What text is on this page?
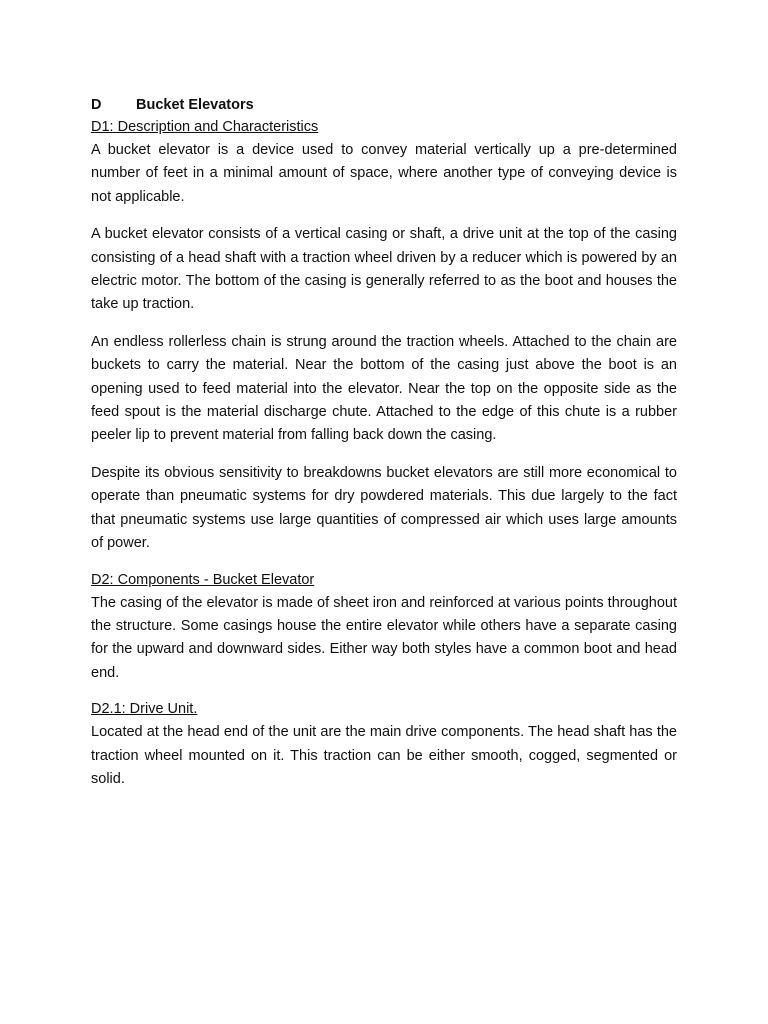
D Bucket Elevators
D1: Description and Characteristics

A bucket elevator is a device used to convey material vertically up a pre-determined number of feet in a minimal amount of space, where another type of conveying device is not applicable.

A bucket elevator consists of a vertical casing or shaft, a drive unit at the top of the casing consisting of a head shaft with a traction wheel driven by a reducer which is powered by an electric motor. The bottom of the casing is generally referred to as the boot and houses the take up traction.

An endless rollerless chain is strung around the traction wheels. Attached to the chain are buckets to carry the material. Near the bottom of the casing just above the boot is an opening used to feed material into the elevator. Near the top on the opposite side as the feed spout is the material discharge chute. Attached to the edge of this chute is a rubber peeler lip to prevent material from falling back down the casing.

Despite its obvious sensitivity to breakdowns bucket elevators are still more economical to operate than pneumatic systems for dry powdered materials. This due largely to the fact that pneumatic systems use large quantities of compressed air which uses large amounts of power.

D2: Components - Bucket Elevator

The casing of the elevator is made of sheet iron and reinforced at various points throughout the structure. Some casings house the entire elevator while others have a separate casing for the upward and downward sides. Either way both styles have a common boot and head end.

D2.1: Drive Unit.

Located at the head end of the unit are the main drive components. The head shaft has the traction wheel mounted on it. This traction can be either smooth, cogged, segmented or solid.
